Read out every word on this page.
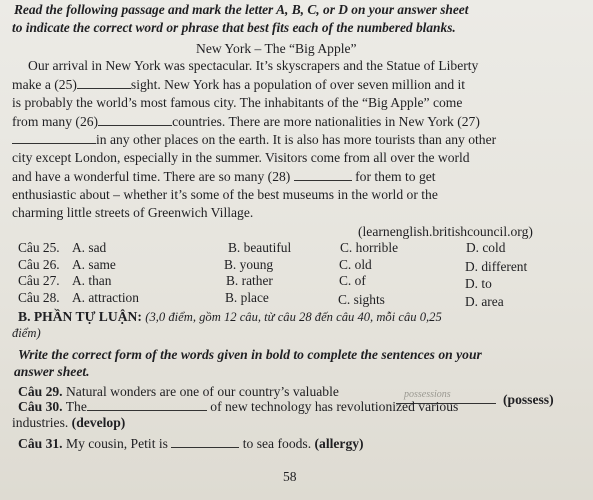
Read the following passage and mark the letter A, B, C, or D on your answer sheet
to indicate the correct word or phrase that best fits each of the numbered blanks.
New York – The “Big Apple”
Our arrival in New York was spectacular. It’s skyscrapers and the Statue of Liberty
make a (25)	sight. New York has a population of over seven million and it
is probably the world’s most famous city. The inhabitants of the “Big Apple” come
from many (26)	countries. There are more nationalities in New York (27)
in any other places on the earth. It is also has more tourists than any other
city except London, especially in the summer. Visitors come from all over the world
and have a wonderful time. There are so many (28)	for them to get
enthusiastic about – whether it’s some of the best museums in the world or the
charming little streets of Greenwich Village.
(learnenglish.britishcouncil.org)
Câu 25. A. sad	B. beautiful	C. horrible	D. cold
Câu 26. A. same	B. young	C. old	D. different
Câu 27. A. than	B. rather	C. of	D. to
Câu 28. A. attraction	B. place	C. sights	D. area
B. PHẦN TỰ LUẬN: (3,0 điểm, gồm 12 câu, từ câu 28 đến câu 40, mỗi câu 0,25
điểm)
Write the correct form of the words given in bold to complete the sentences on your
answer sheet.
Câu 29. Natural wonders are one of our country’s valuable	possessions	(possess)
Câu 30. The	of new technology has revolutionized various
industries. (develop)
Câu 31. My cousin, Petit is	to sea foods. (allergy)
58
